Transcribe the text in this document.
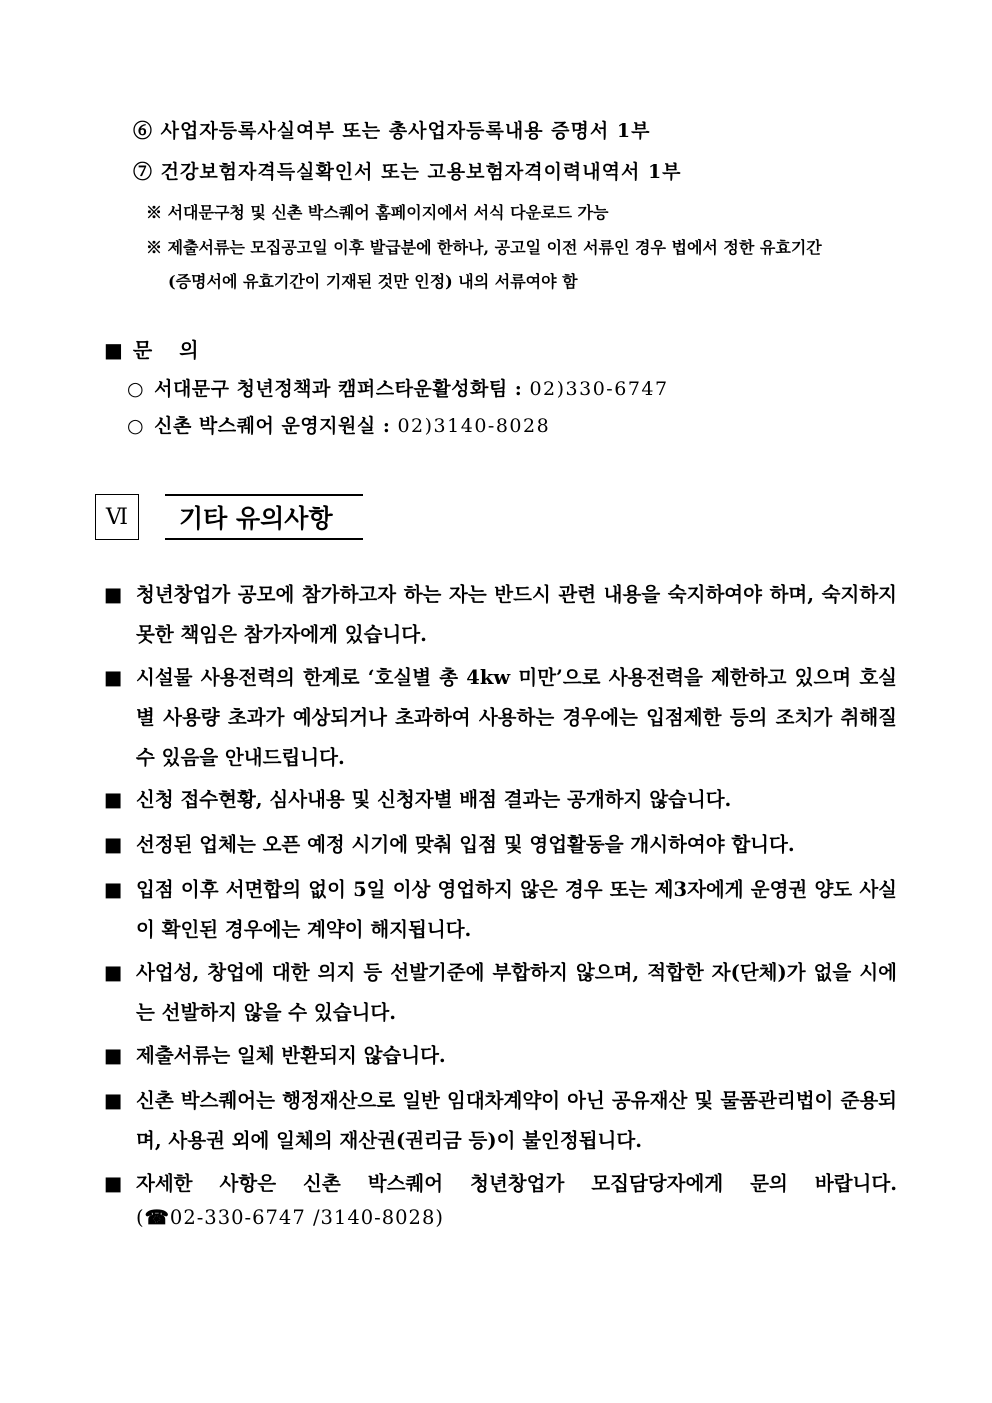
⑥ 사업자등록사실여부 또는 총사업자등록내용 증명서 1부
⑦ 건강보험자격득실확인서 또는 고용보험자격이력내역서 1부
※ 서대문구청 및 신촌 박스퀘어 홈페이지에서 서식 다운로드 가능
※ 제출서류는 모집공고일 이후 발급분에 한하나, 공고일 이전 서류인 경우 법에서 정한 유효기간
(증명서에 유효기간이 기재된 것만 인정) 내의 서류여야 함
■ 문 의
○ 서대문구 청년정책과 캠퍼스타운활성화팀 : 02)330-6747
○ 신촌 박스퀘어 운영지원실 : 02)3140-8028
Ⅵ	기타 유의사항
■ 청년창업가 공모에 참가하고자 하는 자는 반드시 관련 내용을 숙지하여야 하며, 숙지하지 못한 책임은 참가자에게 있습니다.
■ 시설물 사용전력의 한계로 ‘호실별 총 4kw 미만’으로 사용전력을 제한하고 있으며 호실별 사용량 초과가 예상되거나 초과하여 사용하는 경우에는 입점제한 등의 조치가 취해질 수 있음을 안내드립니다.
■ 신청 접수현황, 심사내용 및 신청자별 배점 결과는 공개하지 않습니다.
■ 선정된 업체는 오픈 예정 시기에 맞춰 입점 및 영업활동을 개시하여야 합니다.
■ 입점 이후 서면합의 없이 5일 이상 영업하지 않은 경우 또는 제3자에게 운영권 양도 사실이 확인된 경우에는 계약이 해지됩니다.
■ 사업성, 창업에 대한 의지 등 선발기준에 부합하지 않으며, 적합한 자(단체)가 없을 시에는 선발하지 않을 수 있습니다.
■ 제출서류는 일체 반환되지 않습니다.
■ 신촌 박스퀘어는 행정재산으로 일반 임대차계약이 아닌 공유재산 및 물품관리법이 준용되며, 사용권 외에 일체의 재산권(권리금 등)이 불인정됩니다.
■ 자세한 사항은 신촌 박스퀘어 청년창업가 모집담당자에게 문의 바랍니다.
(☎02-330-6747 /3140-8028)
